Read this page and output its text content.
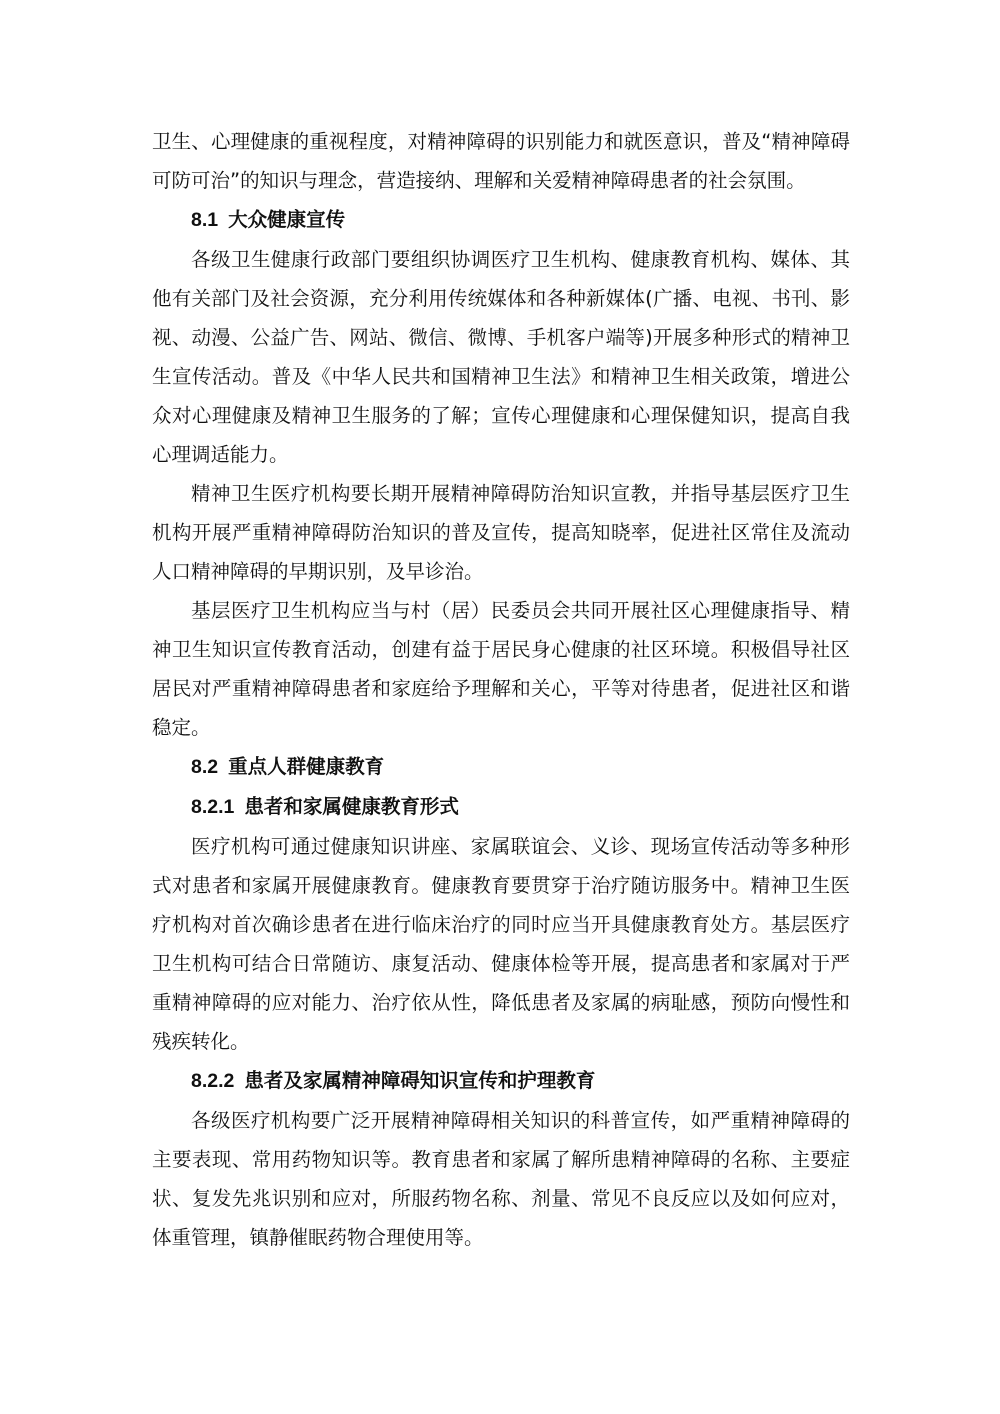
卫生、心理健康的重视程度，对精神障碍的识别能力和就医意识，普及“精神障碍可防可治”的知识与理念，营造接纳、理解和关爱精神障碍患者的社会氛围。

8.1 大众健康宣传

各级卫生健康行政部门要组织协调医疗卫生机构、健康教育机构、媒体、其他有关部门及社会资源，充分利用传统媒体和各种新媒体(广播、电视、书刊、影视、动漫、公益广告、网站、微信、微博、手机客户端等)开展多种形式的精神卫生宣传活动。普及《中华人民共和国精神卫生法》和精神卫生相关政策，增进公众对心理健康及精神卫生服务的了解；宣传心理健康和心理保健知识，提高自我心理调适能力。

精神卫生医疗机构要长期开展精神障碍防治知识宣教，并指导基层医疗卫生机构开展严重精神障碍防治知识的普及宣传，提高知晓率，促进社区常住及流动人口精神障碍的早期识别，及早诊治。

基层医疗卫生机构应当与村（居）民委员会共同开展社区心理健康指导、精神卫生知识宣传教育活动，创建有益于居民身心健康的社区环境。积极倡导社区居民对严重精神障碍患者和家庭给予理解和关心，平等对待患者，促进社区和谐稳定。

8.2 重点人群健康教育
8.2.1 患者和家属健康教育形式

医疗机构可通过健康知识讲座、家属联谊会、义诊、现场宣传活动等多种形式对患者和家属开展健康教育。健康教育要贯穿于治疗随访服务中。精神卫生医疗机构对首次确诊患者在进行临床治疗的同时应当开具健康教育处方。基层医疗卫生机构可结合日常随访、康复活动、健康体检等开展，提高患者和家属对于严重精神障碍的应对能力、治疗依从性，降低患者及家属的病耻感，预防向慢性和残疾转化。

8.2.2 患者及家属精神障碍知识宣传和护理教育

各级医疗机构要广泛开展精神障碍相关知识的科普宣传，如严重精神障碍的主要表现、常用药物知识等。教育患者和家属了解所患精神障碍的名称、主要症状、复发先兆识别和应对，所服药物名称、剂量、常见不良反应以及如何应对，体重管理，镇静催眠药物合理使用等。
